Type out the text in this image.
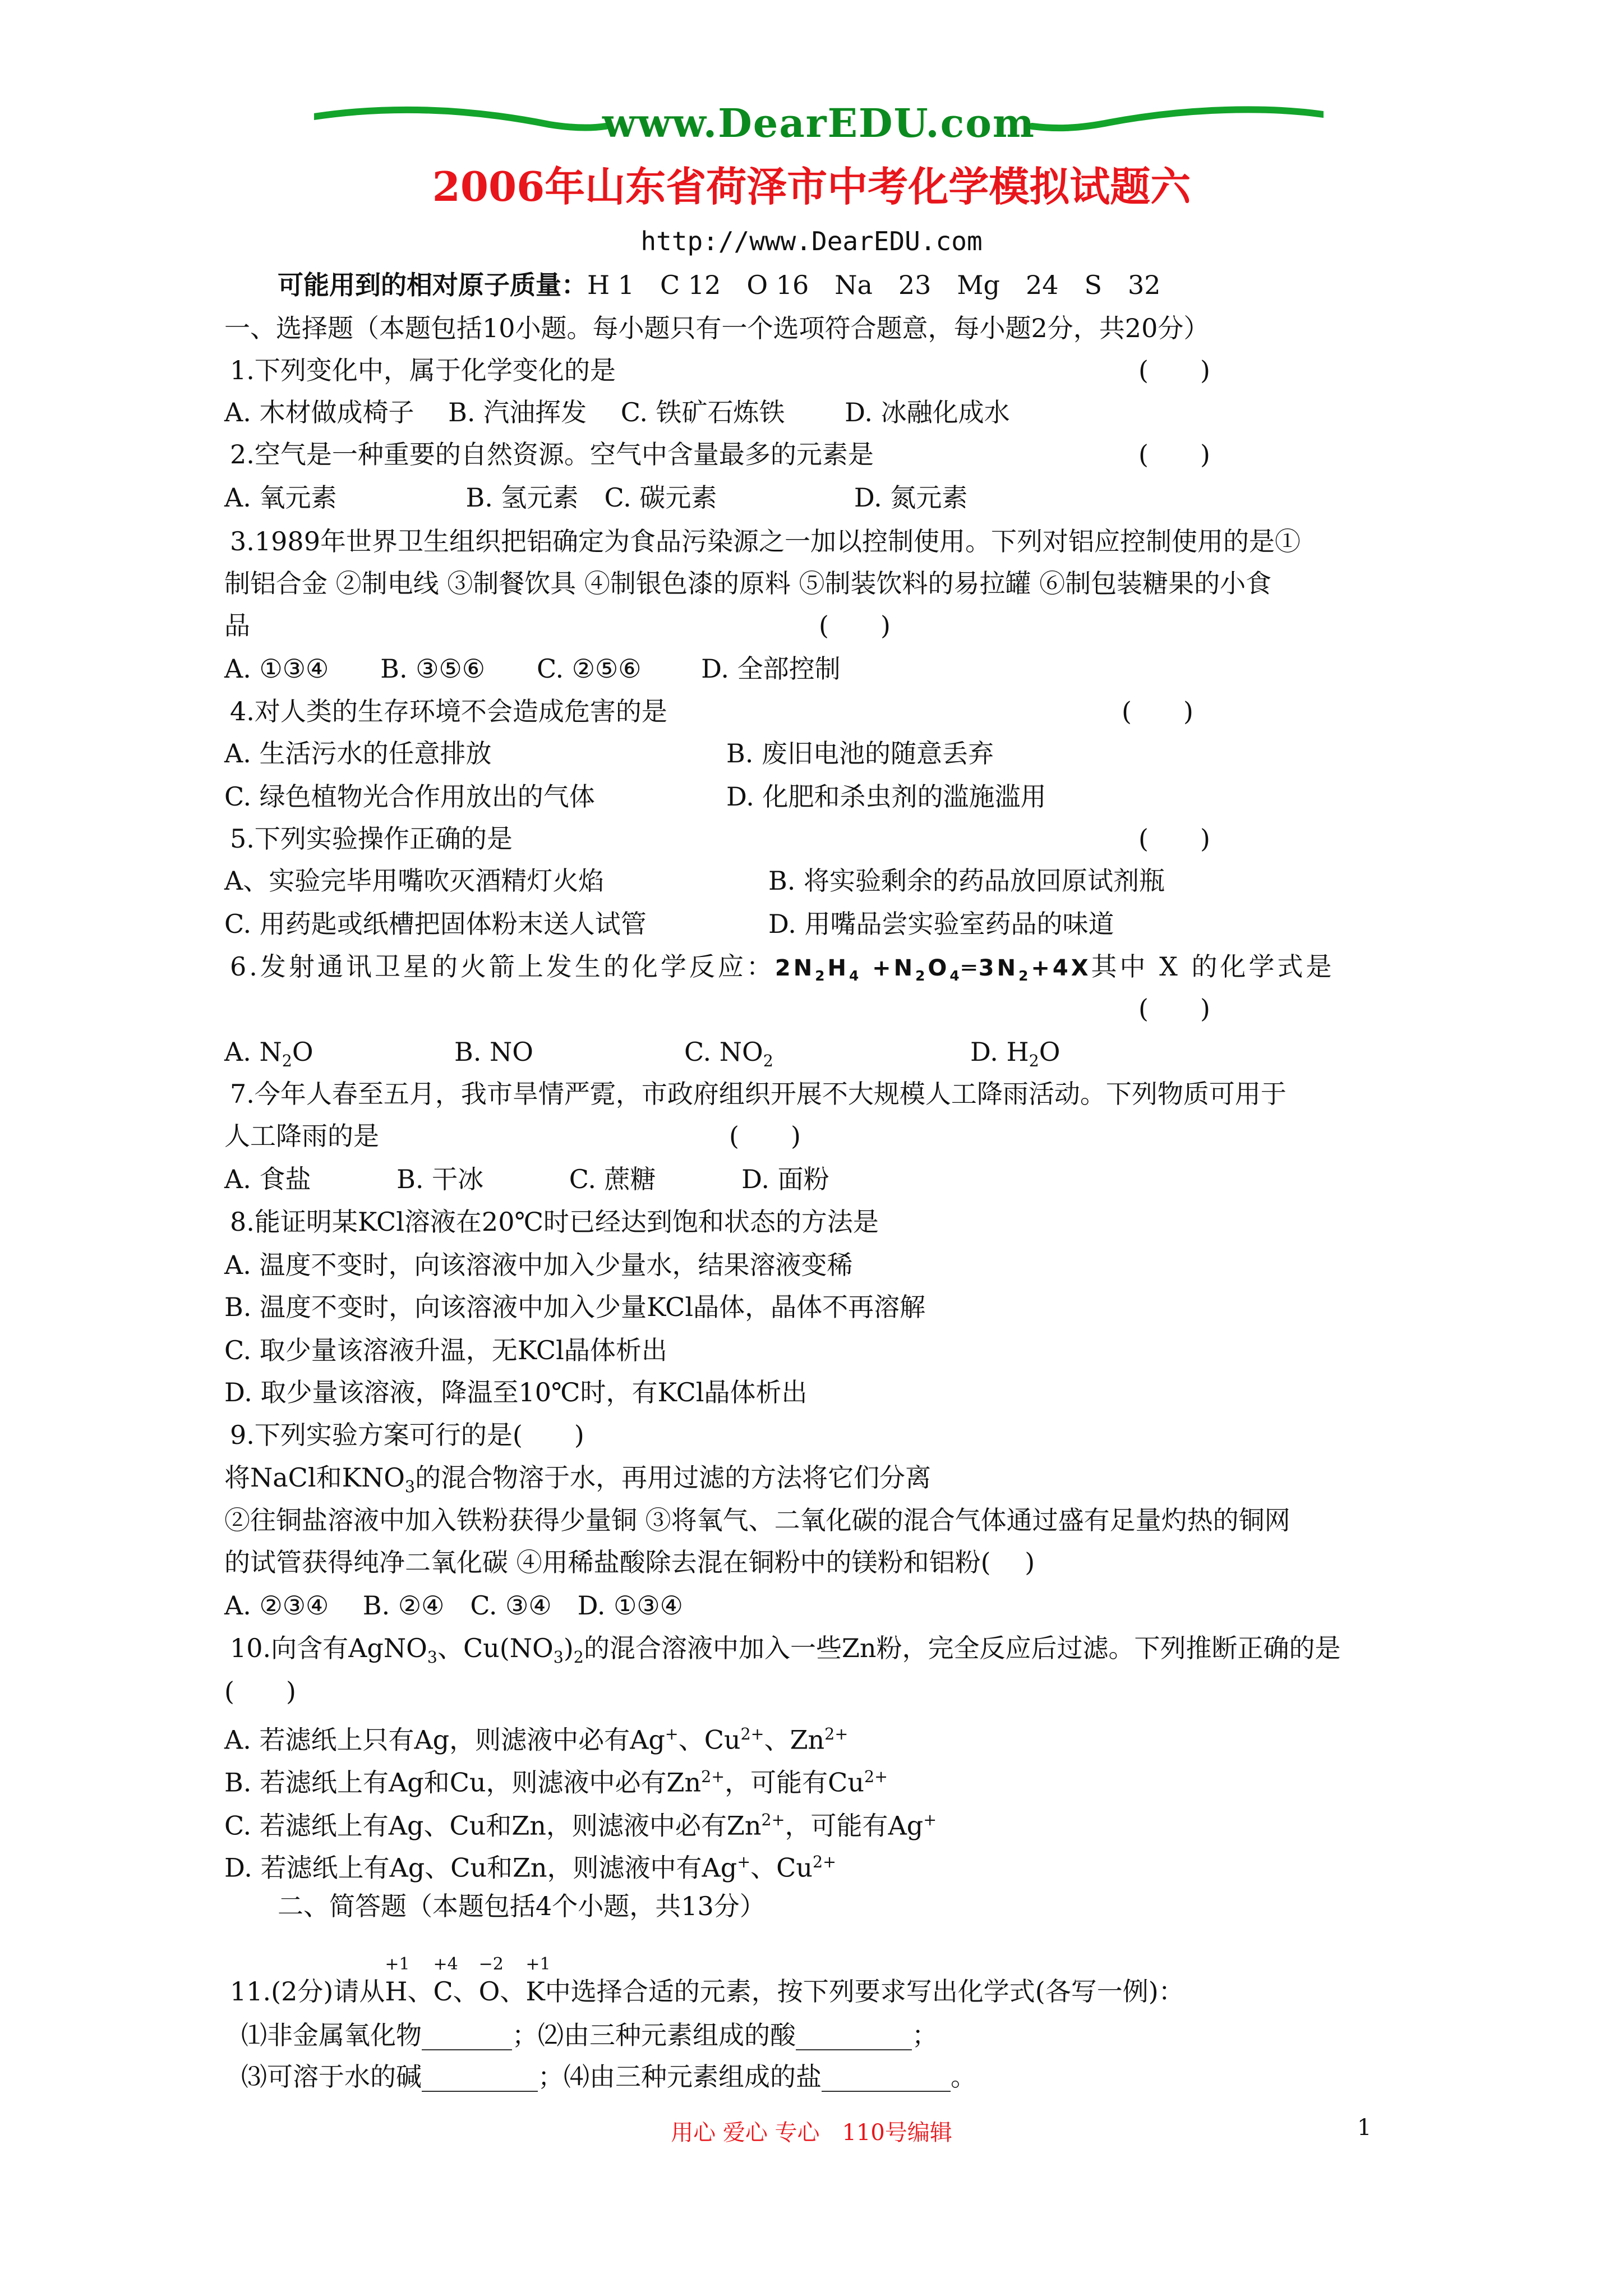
www.DearEDU.com
2006年山东省荷泽市中考化学模拟试题六
http://www.DearEDU.com
可能用到的相对原子质量：H 1　C 12　O 16　Na　23　Mg　24　S　32
一、选择题（本题包括10小题。每小题只有一个选项符合题意，每小题2分，共20分）
1.下列变化中，属于化学变化的是	(　　)
A. 木材做成椅子　 B. 汽油挥发　 C. 铁矿石炼铁　　 D. 冰融化成水
2.空气是一种重要的自然资源。空气中含量最多的元素是	(　　)
A. 氧元素　　　　　B. 氢元素　C. 碳元素　　　　　 D. 氮元素
3.1989年世界卫生组织把铝确定为食品污染源之一加以控制使用。下列对铝应控制使用的是①
制铝合金 ②制电线 ③制餐饮具 ④制银色漆的原料 ⑤制装饮料的易拉罐 ⑥制包装糖果的小食
品	(　　)
A. ①③④　　B. ③⑤⑥　　C. ②⑤⑥　　 D. 全部控制
4.对人类的生存环境不会造成危害的是	(　　)
A. 生活污水的任意排放	B. 废旧电池的随意丢弃
C. 绿色植物光合作用放出的气体	D. 化肥和杀虫剂的滥施滥用
5.下列实验操作正确的是	(　　)
A、实验完毕用嘴吹灭酒精灯火焰	B. 将实验剩余的药品放回原试剂瓶
C. 用药匙或纸槽把固体粉末送人试管	D. 用嘴品尝实验室药品的味道
6.发射通讯卫星的火箭上发生的化学反应：$2N_2H_4$ $+N_2O_4═3N_2+4X$其中 X 的化学式是
(　　)
A. $N_2O$	B. NO	C. $NO_2$	D. $H_2O$
7.今年人春至五月，我市旱情严霓，市政府组织开展不大规模人工降雨活动。下列物质可用于
人工降雨的是	(　　)
A. 食盐　　　 B. 干冰　　　 C. 蔗糖　　　 D. 面粉
8.能证明某KCl溶液在20℃时已经达到饱和状态的方法是
A. 温度不变时，向该溶液中加入少量水，结果溶液变稀
B. 温度不变时，向该溶液中加入少量KCl晶体，晶体不再溶解
C. 取少量该溶液升温，无KCl晶体析出
D. 取少量该溶液，降温至10℃时，有KCl晶体析出
9.下列实验方案可行的是(　　)
将NaCl和$KNO_3$的混合物溶于水，再用过滤的方法将它们分离
②往铜盐溶液中加入铁粉获得少量铜 ③将氧气、二氧化碳的混合气体通过盛有足量灼热的铜网
的试管获得纯净二氧化碳 ④用稀盐酸除去混在铜粉中的镁粉和铝粉(　 )
A. ②③④　 B. ②④　C. ③④　D. ①③④
10.向含有AgNO$_3$、$Cu(NO_3)_2$的混合溶液中加入一些Zn粉，完全反应后过滤。下列推断正确的是
(　　)
A. 若滤纸上只有Ag，则滤液中必有Ag+、$Cu^{2+}$、$Zn^{2+}$
B. 若滤纸上有Ag和Cu，则滤液中必有$Zn^{2+}$，可能有$Cu^{2+}$
C. 若滤纸上有Ag、Cu和Zn，则滤液中必有$Zn^{2+}$，可能有Ag+
D. 若滤纸上有Ag、Cu和Zn，则滤液中有Ag+、$Cu^{2+}$
二、简答题（本题包括4个小题，共13分）
11.(2分)请从
+1
H、
+4
C、
−2
O、
+1
K中选择合适的元素，按下列要求写出化学式(各写一例)：
⑴非金属氧化物_______；⑵由三种元素组成的酸_________；
⑶可溶于水的碱_________；⑷由三种元素组成的盐__________。
用心 爱心 专心　110号编辑	1
